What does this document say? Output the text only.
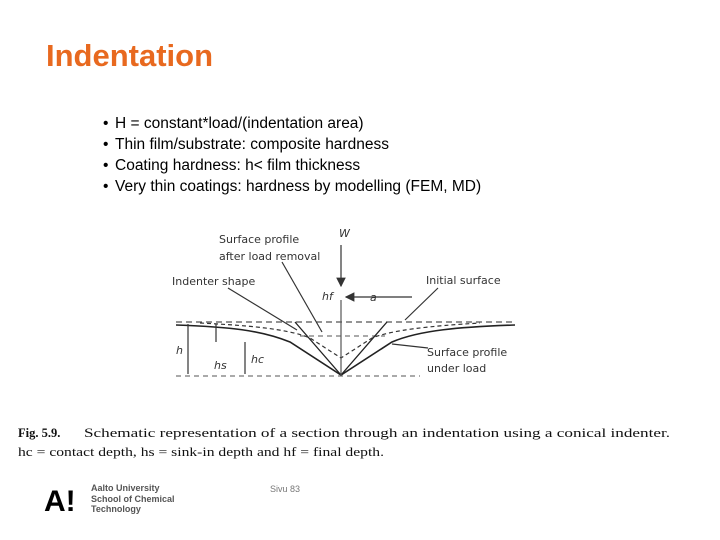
Indentation
• H = constant*load/(indentation area)
• Thin film/substrate: composite hardness
• Coating hardness: h< film thickness
• Very thin coatings: hardness by modelling (FEM, MD)
Surface profile
after load removal
W
Indenter shape	Initial surface
hf	a
h
hs hc
Surface profile
under load
Fig. 5.9. Schematic representation of a section through an indentation using a conical indenter.
hc = contact depth, hs = sink-in depth and hf = final depth.
A! Aalto University
School of Chemical
Technology
Sivu 83
